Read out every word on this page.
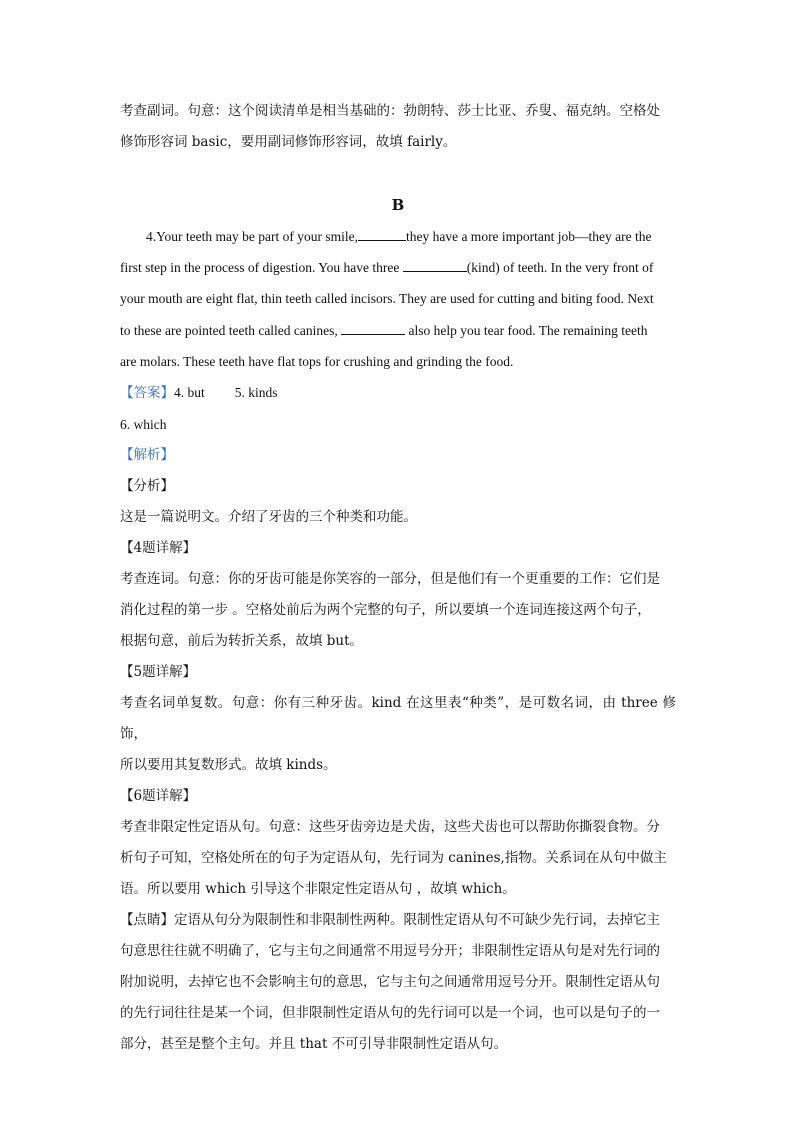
考查副词。句意：这个阅读清单是相当基础的：勃朗特、莎士比亚、乔叟、福克纳。空格处

修饰形容词 basic，要用副词修饰形容词，故填 fairly。

B

4.Your teeth may be part of your smile,	they have a more important job—they are the

first step in the process of digestion. You have three	(kind) of teeth. In the very front of

your mouth are eight flat, thin teeth called incisors. They are used for cutting and biting food. Next

to these are pointed teeth called canines,	also help you tear food. The remaining teeth

are molars. These teeth have flat tops for crushing and grinding the food.

【答案】4. but 5. kinds

6. which

【解析】

【分析】

这是一篇说明文。介绍了牙齿的三个种类和功能。

【4题详解】

考查连词。句意：你的牙齿可能是你笑容的一部分，但是他们有一个更重要的工作：它们是

消化过程的第一步 。空格处前后为两个完整的句子，所以要填一个连词连接这两个句子，

根据句意，前后为转折关系，故填 but。

【5题详解】

考查名词单复数。句意：你有三种牙齿。kind 在这里表“种类”，是可数名词，由 three 修饰，

所以要用其复数形式。故填 kinds。

【6题详解】

考查非限定性定语从句。句意：这些牙齿旁边是犬齿，这些犬齿也可以帮助你撕裂食物。分

析句子可知，空格处所在的句子为定语从句，先行词为 canines,指物。关系词在从句中做主

语。所以要用 which 引导这个非限定性定语从句 ，故填 which。

【点睛】定语从句分为限制性和非限制性两种。限制性定语从句不可缺少先行词，去掉它主

句意思往往就不明确了，它与主句之间通常不用逗号分开；非限制性定语从句是对先行词的

附加说明，去掉它也不会影响主句的意思，它与主句之间通常用逗号分开。限制性定语从句

的先行词往往是某一个词，但非限制性定语从句的先行词可以是一个词，也可以是句子的一

部分，甚至是整个主句。并且 that 不可引导非限制性定语从句。
